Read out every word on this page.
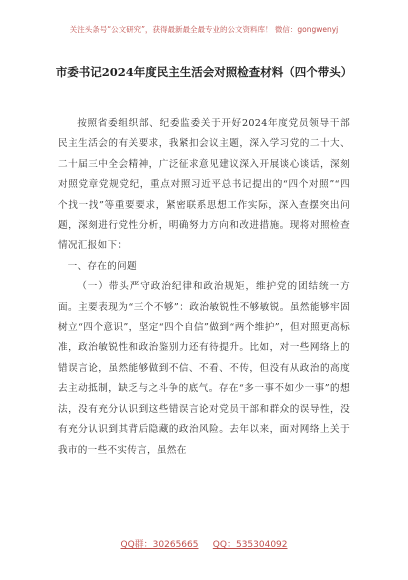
关注头条号“公文研究”，获得最新最全最专业的公文资料库！ 微信：gongwenyj
市委书记2024年度民主生活会对照检查材料（四个带头）

按照省委组织部、纪委监委关于开好2024年度党员领导干部民主生活会的有关要求，我紧扣会议主题，深入学习党的二十大、二十届三中全会精神，广泛征求意见建议深入开展谈心谈话，深刻对照党章党规党纪，重点对照习近平总书记提出的“四个对照”“四个找一找”等重要要求，紧密联系思想工作实际，深入查摆突出问题，深刻进行党性分析，明确努力方向和改进措施。现将对照检查情况汇报如下：

一、存在的问题

（一）带头严守政治纪律和政治规矩，维护党的团结统一方面。主要表现为“三个不够”：政治敏锐性不够敏锐。虽然能够牢固树立“四个意识”，坚定“四个自信”做到“两个维护”，但对照更高标准，政治敏锐性和政治鉴别力还有待提升。比如，对一些网络上的错误言论，虽然能够做到不信、不看、不传，但没有从政治的高度去主动抵制，缺乏与之斗争的底气。存在“多一事不如少一事”的想法，没有充分认识到这些错误言论对党员干部和群众的误导性，没有充分认识到其背后隐藏的政治风险。去年以来，面对网络上关于我市的一些不实传言，虽然在

QQ群：30265665 QQ：535304092
